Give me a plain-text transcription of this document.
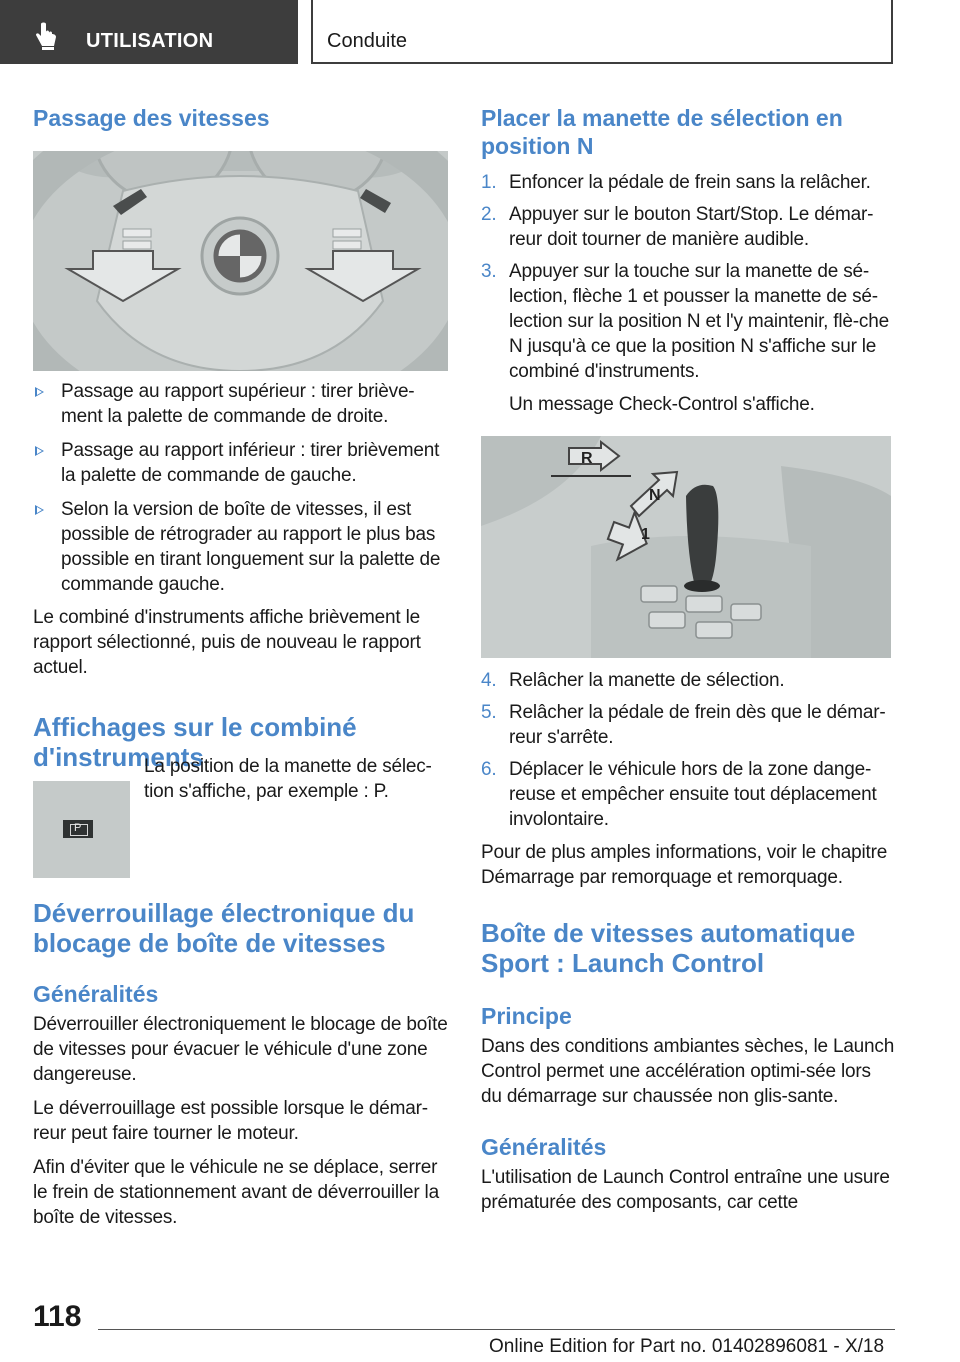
UTILISATION	Conduite
Passage des vitesses
Passage au rapport supérieur : tirer briève-ment la palette de commande de droite.
Passage au rapport inférieur : tirer brièvement la palette de commande de gauche.
Selon la version de boîte de vitesses, il est possible de rétrograder au rapport le plus bas possible en tirant longuement sur la palette de commande gauche.

Le combiné d'instruments affiche brièvement le rapport sélectionné, puis de nouveau le rapport actuel.

Affichages sur le combiné
d'instruments
P

La position de la manette de sélec-tion s'affiche, par exemple : P.

Déverrouillage électronique du
blocage de boîte de vitesses
Généralités

Déverrouiller électroniquement le blocage de boîte de vitesses pour évacuer le véhicule d'une zone dangereuse.

Le déverrouillage est possible lorsque le démar-reur peut faire tourner le moteur.

Afin d'éviter que le véhicule ne se déplace, serrer le frein de stationnement avant de déverrouiller la boîte de vitesses.

Placer la manette de sélection en
position N
1. Enfoncer la pédale de frein sans la relâcher.
2. Appuyer sur le bouton Start/Stop. Le démar-reur doit tourner de manière audible.
3. Appuyer sur la touche sur la manette de sé-lection, flèche 1 et pousser la manette de sé-lection sur la position N et l'y maintenir, flè-che N jusqu'à ce que la position N s'affiche sur le combiné d'instruments.

Un message Check-Control s'affiche.

R
N
1
4. Relâcher la manette de sélection.
5. Relâcher la pédale de frein dès que le démar-reur s'arrête.
6. Déplacer le véhicule hors de la zone dange-reuse et empêcher ensuite tout déplacement involontaire.

Pour de plus amples informations, voir le chapitre Démarrage par remorquage et remorquage.

Boîte de vitesses automatique
Sport : Launch Control
Principe

Dans des conditions ambiantes sèches, le Launch Control permet une accélération optimi-sée lors du démarrage sur chaussée non glis-sante.

Généralités

L'utilisation de Launch Control entraîne une usure prématurée des composants, car cette

118
Online Edition for Part no. 01402896081 - X/18
